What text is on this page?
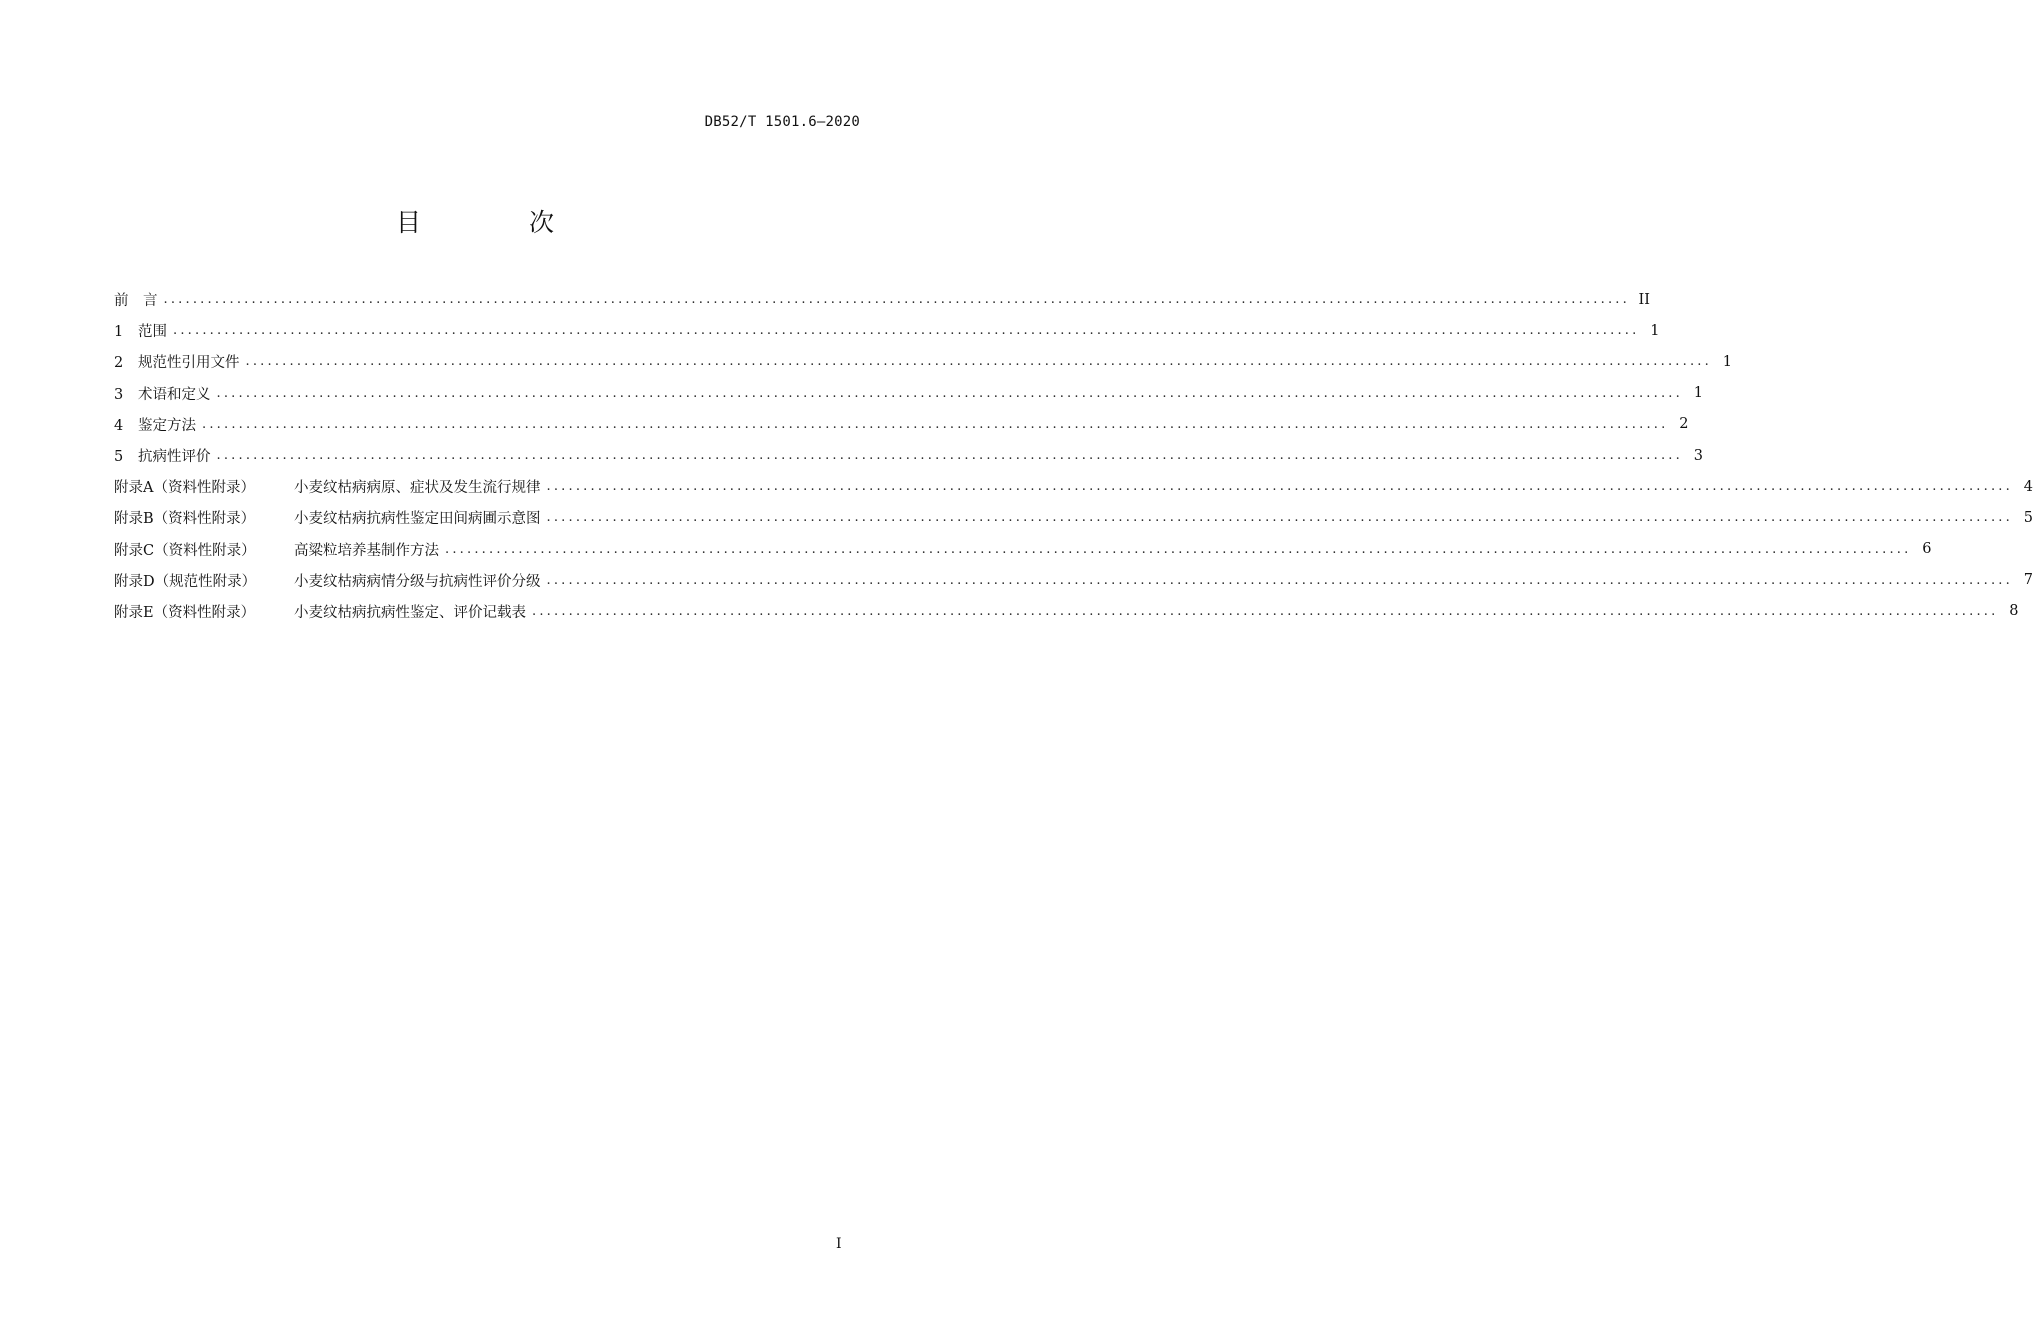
DB52/T 1501.6—2020
目 次
前　言 ........................................................................................................................................................................................................ II
1 范围 ........................................................................................................................................................................................................ 1
2 规范性引用文件 ........................................................................................................................................................................................................ 1
3 术语和定义 ........................................................................................................................................................................................................ 1
4 鉴定方法 ........................................................................................................................................................................................................ 2
5 抗病性评价 ........................................................................................................................................................................................................ 3
附录A（资料性附录）	小麦纹枯病病原、症状及发生流行规律 ........................................................................................................................................................................................................ 4
附录B（资料性附录）	小麦纹枯病抗病性鉴定田间病圃示意图 ........................................................................................................................................................................................................ 5
附录C（资料性附录）	高粱粒培养基制作方法 ........................................................................................................................................................................................................ 6
附录D（规范性附录）	小麦纹枯病病情分级与抗病性评价分级 ........................................................................................................................................................................................................ 7
附录E（资料性附录）	小麦纹枯病抗病性鉴定、评价记载表 ........................................................................................................................................................................................................ 8
I
